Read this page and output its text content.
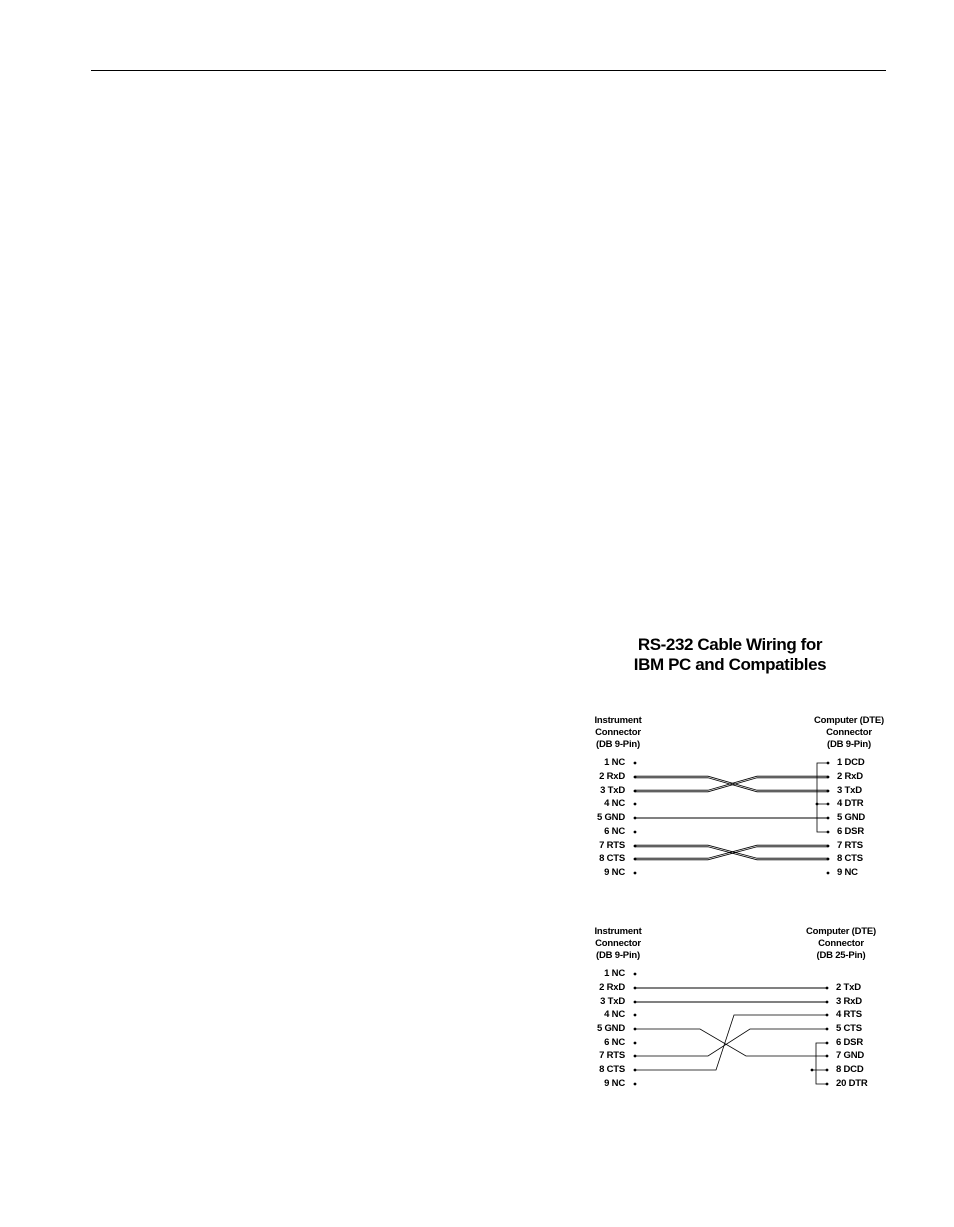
RS-232 Cable Wiring for
IBM PC and Compatibles
Instrument
Connector
(DB 9-Pin)
Computer (DTE)
Connector
(DB 9-Pin)
Instrument
Connector
(DB 9-Pin)
Computer (DTE)
Connector
(DB 25-Pin)
1 NC
2 RxD
3 TxD
4 NC
5 GND
6 NC
7 RTS
8 CTS
9 NC
1 DCD
2 RxD
3 TxD
4 DTR
5 GND
6 DSR
7 RTS
8 CTS
9 NC
1 NC
2 RxD
3 TxD
4 NC
5 GND
6 NC
7 RTS
8 CTS
9 NC
2 TxD
3 RxD
4 RTS
5 CTS
6 DSR
7 GND
8 DCD
20 DTR
